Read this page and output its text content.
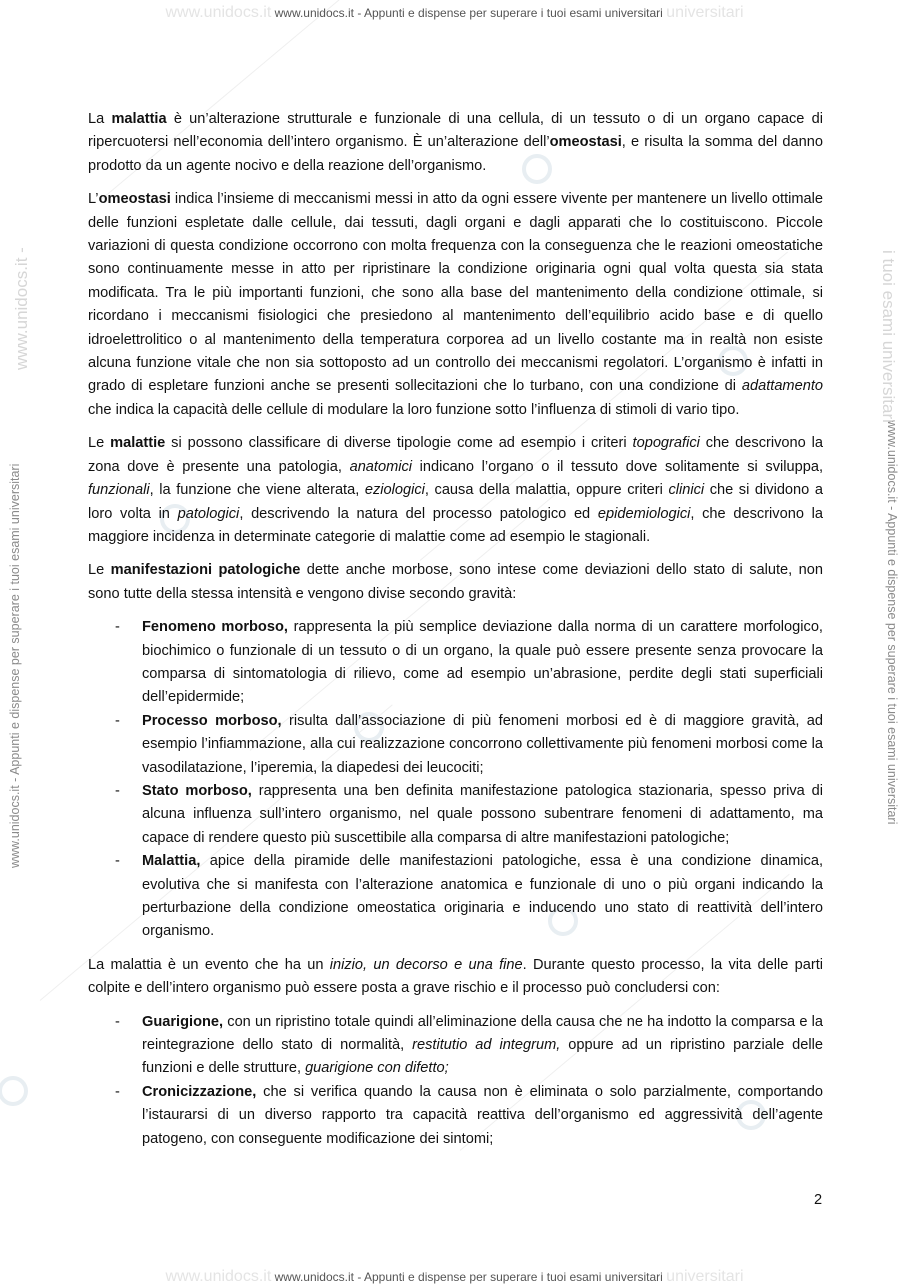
www.unidocs.it www.unidocs.it - Appunti e dispense per superare i tuoi esami universitari universitari
www.unidocs.it www.unidocs.it - Appunti e dispense per superare i tuoi esami universitari universitari
www.unidocs.it - Appunti e dispense per superare i tuoi esami universitari	www.unidocs.it - Appunti e dispense per superare i tuoi esami universitari
www.unidocs.it -	i tuoi esami universitari

La malattia è un’alterazione strutturale e funzionale di una cellula, di un tessuto o di un organo capace di ripercuotersi nell’economia dell’intero organismo. È un’alterazione dell’omeostasi, e risulta la somma del danno prodotto da un agente nocivo e della reazione dell’organismo.

L’omeostasi indica l’insieme di meccanismi messi in atto da ogni essere vivente per mantenere un livello ottimale delle funzioni espletate dalle cellule, dai tessuti, dagli organi e dagli apparati che lo costituiscono. Piccole variazioni di questa condizione occorrono con molta frequenza con la conseguenza che le reazioni omeostatiche sono continuamente messe in atto per ripristinare la condizione originaria ogni qual volta questa sia stata modificata. Tra le più importanti funzioni, che sono alla base del mantenimento della condizione ottimale, si ricordano i meccanismi fisiologici che presiedono al mantenimento dell’equilibrio acido base e di quello idroelettrolitico o al mantenimento della temperatura corporea ad un livello costante ma in realtà non esiste alcuna funzione vitale che non sia sottoposto ad un controllo dei meccanismi regolatori. L’organismo è infatti in grado di espletare funzioni anche se presenti sollecitazioni che lo turbano, con una condizione di adattamento che indica la capacità delle cellule di modulare la loro funzione sotto l’influenza di stimoli di vario tipo.

Le malattie si possono classificare di diverse tipologie come ad esempio i criteri topografici che descrivono la zona dove è presente una patologia, anatomici indicano l’organo o il tessuto dove solitamente si sviluppa, funzionali, la funzione che viene alterata, eziologici, causa della malattia, oppure criteri clinici che si dividono a loro volta in patologici, descrivendo la natura del processo patologico ed epidemiologici, che descrivono la maggiore incidenza in determinate categorie di malattie come ad esempio le stagionali.

Le manifestazioni patologiche dette anche morbose, sono intese come deviazioni dello stato di salute, non sono tutte della stessa intensità e vengono divise secondo gravità:

- Fenomeno morboso, rappresenta la più semplice deviazione dalla norma di un carattere morfologico, biochimico o funzionale di un tessuto o di un organo, la quale può essere presente senza provocare la comparsa di sintomatologia di rilievo, come ad esempio un’abrasione, perdite degli stati superficiali dell’epidermide;
- Processo morboso, risulta dall’associazione di più fenomeni morbosi ed è di maggiore gravità, ad esempio l’infiammazione, alla cui realizzazione concorrono collettivamente più fenomeni morbosi come la vasodilatazione, l’iperemia, la diapedesi dei leucociti;
- Stato morboso, rappresenta una ben definita manifestazione patologica stazionaria, spesso priva di alcuna influenza sull’intero organismo, nel quale possono subentrare fenomeni di adattamento, ma capace di rendere questo più suscettibile alla comparsa di altre manifestazioni patologiche;
- Malattia, apice della piramide delle manifestazioni patologiche, essa è una condizione dinamica, evolutiva che si manifesta con l’alterazione anatomica e funzionale di uno o più organi indicando la perturbazione della condizione omeostatica originaria e inducendo uno stato di reattività dell’intero organismo.

La malattia è un evento che ha un inizio, un decorso e una fine. Durante questo processo, la vita delle parti colpite e dell’intero organismo può essere posta a grave rischio e il processo può concludersi con:

- Guarigione, con un ripristino totale quindi all’eliminazione della causa che ne ha indotto la comparsa e la reintegrazione dello stato di normalità, restitutio ad integrum, oppure ad un ripristino parziale delle funzioni e delle strutture, guarigione con difetto;
- Cronicizzazione, che si verifica quando la causa non è eliminata o solo parzialmente, comportando l’istaurarsi di un diverso rapporto tra capacità reattiva dell’organismo ed aggressività dell’agente patogeno, con conseguente modificazione dei sintomi;
2
